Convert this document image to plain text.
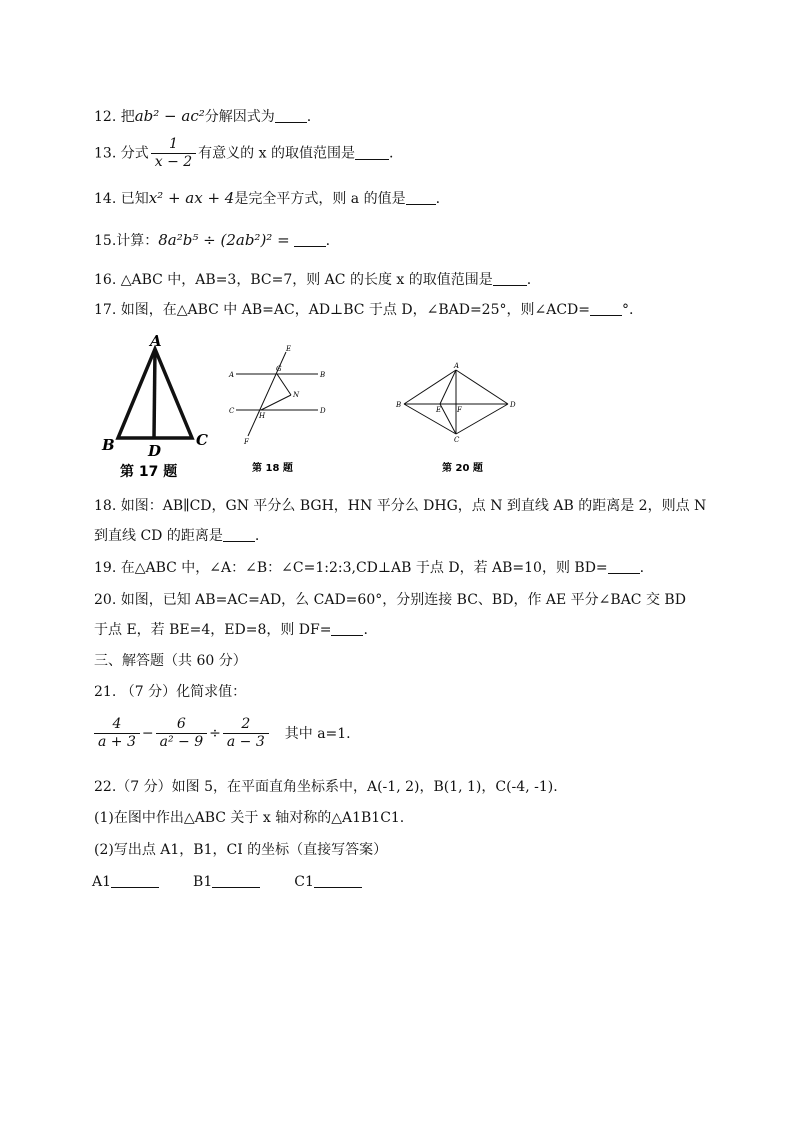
12. 把ab² − ac²分解因式为 .
13. 分式 $\frac{1}{x - 2}$ 有意义的 x 的取值范围是 .
14. 已知x² + ax + 4是完全平方式，则 a 的值是 .
15.计算：8a²b⁵ ÷ (2ab²)² =	.
16. △ABC 中，AB=3，BC=7，则 AC 的长度 x 的取值范围是 .
17. 如图，在△ABC 中 AB=AC，AD⊥BC 于点 D，∠BAD=25°，则∠ACD= °.
A
B	C
D
第 17 题
E
A	B
G
N
C
H
D
F
第 18 题
A
B
E F
D
C
第 20 题
18. 如图：AB∥CD，GN 平分么 BGH，HN 平分么 DHG，点 N 到直线 AB 的距离是 2，则点 N
到直线 CD 的距离是 .
19. 在△ABC 中，∠A：∠B：∠C=1:2:3,CD⊥AB 于点 D，若 AB=10，则 BD= .
20. 如图，已知 AB=AC=AD，么 CAD=60°，分别连接 BC、BD，作 AE 平分∠BAC 交 BD
于点 E，若 BE=4，ED=8，则 DF= .
三、解答题（共 60 分）
21. （7 分）化简求值：
$\frac{4}{a + 3} - \frac{6}{\text{a² − 9}} \div \frac{2}{a - 3}$ 其中 a=1.
22.（7 分）如图 5，在平面直角坐标系中，A(-1, 2)，B(1, 1)，C(-4, -1).
(1)在图中作出△ABC 关于 x 轴对称的△A1B1C1.
(2)写出点 A1，B1，CI 的坐标（直接写答案）
A1	B1	C1
